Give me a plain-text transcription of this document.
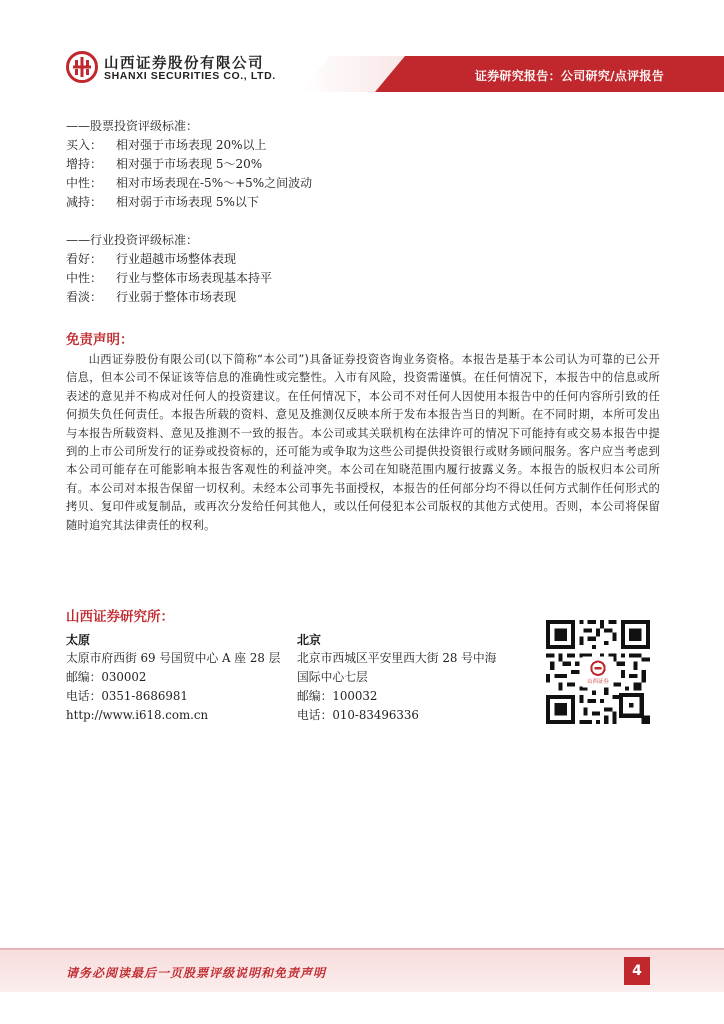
山西证券股份有限公司
SHANXI SECURITIES CO., LTD.	证券研究报告：公司研究/点评报告
——股票投资评级标准：
买入： 相对强于市场表现 20%以上
增持： 相对强于市场表现 5～20%
中性： 相对市场表现在-5%～+5%之间波动
减持： 相对弱于市场表现 5%以下
——行业投资评级标准：
看好： 行业超越市场整体表现
中性： 行业与整体市场表现基本持平
看淡： 行业弱于整体市场表现
免责声明：

山西证券股份有限公司(以下简称“本公司”)具备证券投资咨询业务资格。本报告是基于本公司认为可靠的已公开信息，但本公司不保证该等信息的准确性或完整性。入市有风险，投资需谨慎。在任何情况下，本报告中的信息或所表述的意见并不构成对任何人的投资建议。在任何情况下，本公司不对任何人因使用本报告中的任何内容所引致的任何损失负任何责任。本报告所载的资料、意见及推测仅反映本所于发布本报告当日的判断。在不同时期，本所可发出与本报告所载资料、意见及推测不一致的报告。本公司或其关联机构在法律许可的情况下可能持有或交易本报告中提到的上市公司所发行的证券或投资标的，还可能为或争取为这些公司提供投资银行或财务顾问服务。客户应当考虑到本公司可能存在可能影响本报告客观性的利益冲突。本公司在知晓范围内履行披露义务。本报告的版权归本公司所有。本公司对本报告保留一切权利。未经本公司事先书面授权，本报告的任何部分均不得以任何方式制作任何形式的拷贝、复印件或复制品，或再次分发给任何其他人，或以任何侵犯本公司版权的其他方式使用。否则，本公司将保留随时追究其法律责任的权利。

山西证券研究所：
太原
太原市府西街 69 号国贸中心 A 座 28 层
邮编：030002
电话：0351-8686981
http://www.i618.com.cn
北京
北京市西城区平安里西大街 28 号中海
国际中心七层
邮编：100032
电话：010-83496336
山西证券
请务必阅读最后一页股票评级说明和免责声明	4
